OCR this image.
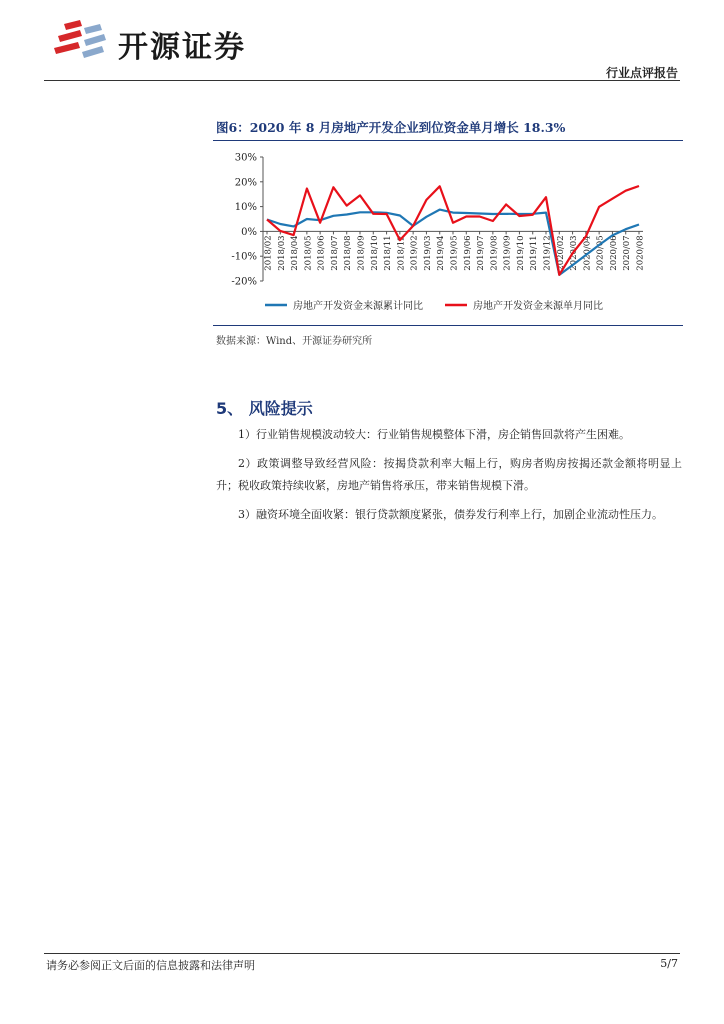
开源证券
行业点评报告
图6：2020 年 8 月房地产开发企业到位资金单月增长 18.3%
30%
20%
10%
0%
-10%
-20%
2018/02 2018/03 2018/04 2018/05 2018/06 2018/07 2018/08 2018/09 2018/10 2018/11 2018/12 2019/02 2019/03 2019/04 2019/05 2019/06 2019/07 2019/08 2019/09 2019/10 2019/11 2019/12 2020/02 2020/03 2020/04 2020/05 2020/06 2020/07 2020/08
房地产开发资金来源累计同比	房地产开发资金来源单月同比
数据来源：Wind、开源证券研究所
5、 风险提示
1）行业销售规模波动较大：行业销售规模整体下滑，房企销售回款将产生困难。
2）政策调整导致经营风险：按揭贷款利率大幅上行，购房者购房按揭还款金额将明显上升；税收政策持续收紧，房地产销售将承压，带来销售规模下滑。
3）融资环境全面收紧：银行贷款额度紧张，债券发行利率上行，加剧企业流动性压力。
请务必参阅正文后面的信息披露和法律声明	5/7
